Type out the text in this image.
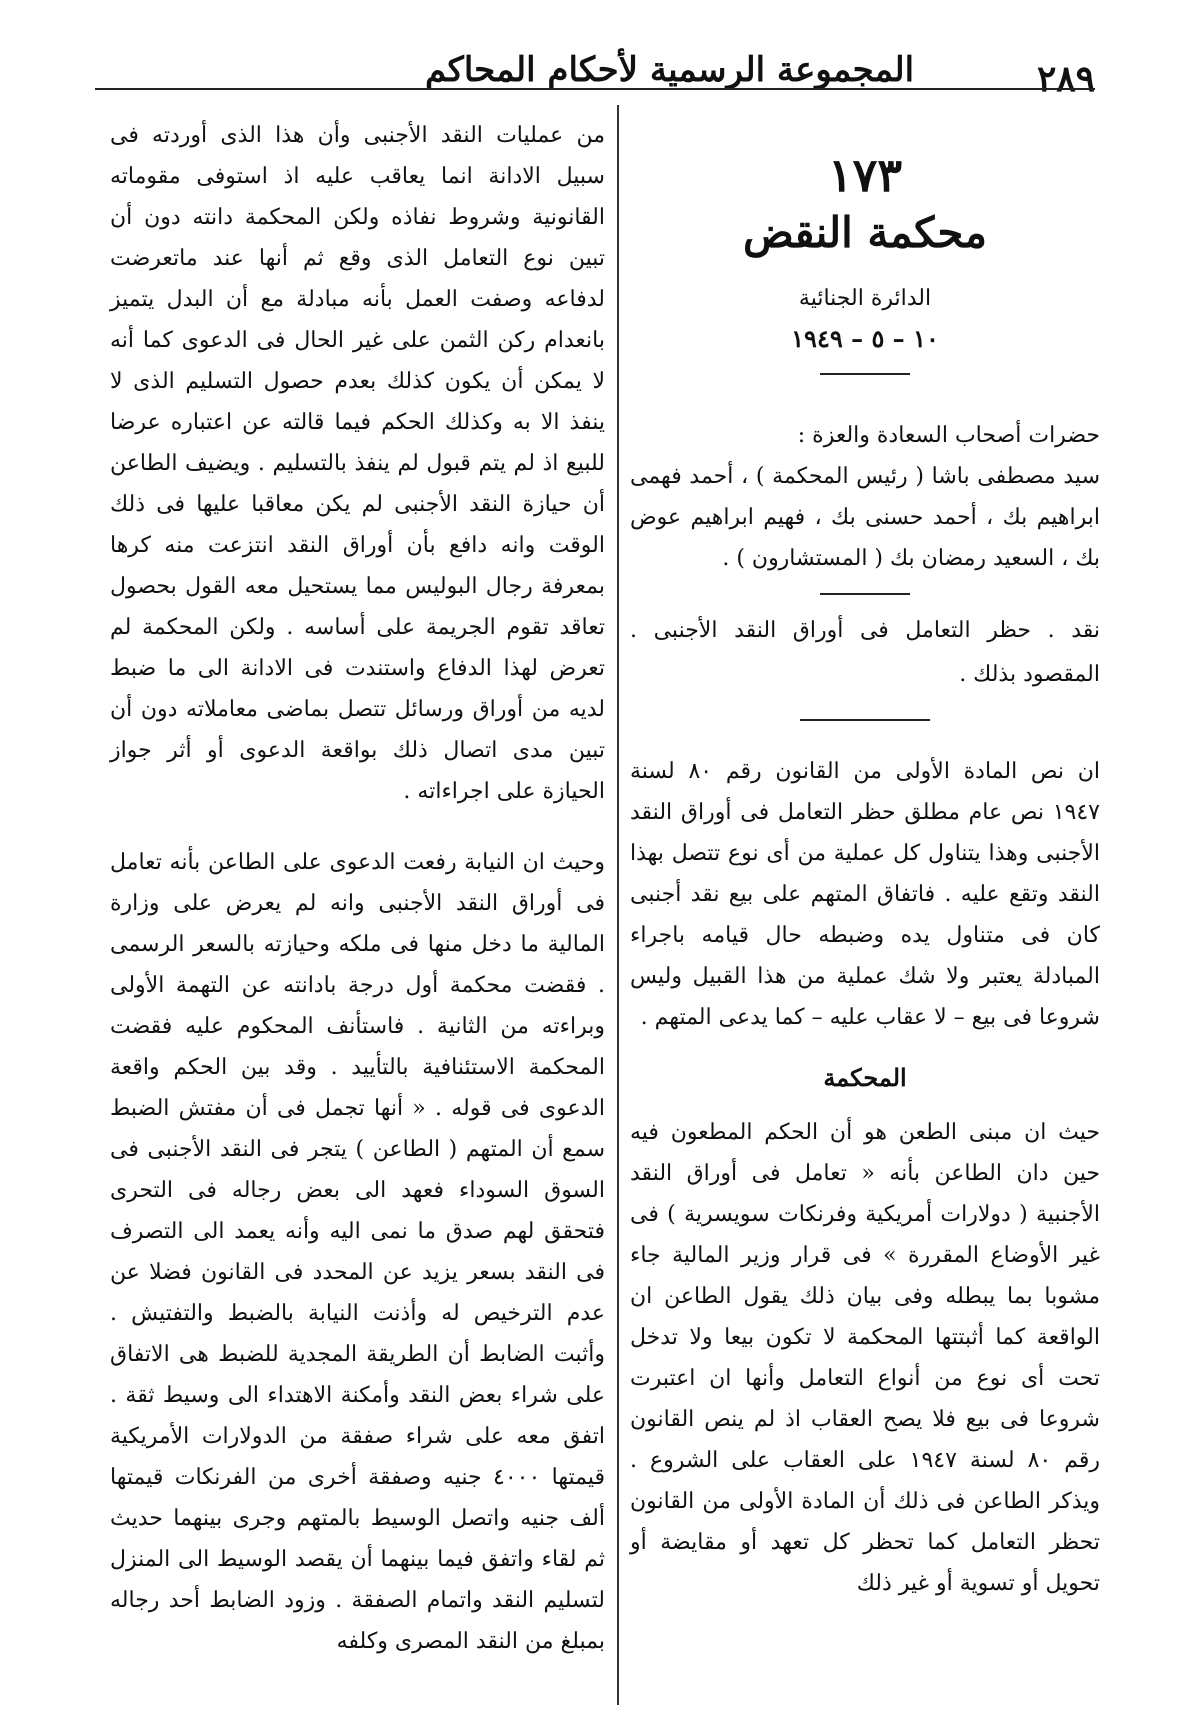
٢٨٩
المجموعة الرسمية لأحكام المحاكم
١٧٣
محكمة النقض
الدائرة الجنائية
١٠ – ٥ – ١٩٤٩

حضرات أصحاب السعادة والعزة :

سيد مصطفى باشا ( رئيس المحكمة ) ، أحمد فهمى ابراهيم بك ، أحمد حسنى بك ، فهيم ابراهيم عوض بك ، السعيد رمضان بك ( المستشارون ) .

نقد . حظر التعامل فى أوراق النقد الأجنبى . المقصود بذلك .

ان نص المادة الأولى من القانون رقم ٨٠ لسنة ١٩٤٧ نص عام مطلق حظر التعامل فى أوراق النقد الأجنبى وهذا يتناول كل عملية من أى نوع تتصل بهذا النقد وتقع عليه . فاتفاق المتهم على بيع نقد أجنبى كان فى متناول يده وضبطه حال قيامه باجراء المبادلة يعتبر ولا شك عملية من هذا القبيل وليس شروعا فى بيع – لا عقاب عليه – كما يدعى المتهم .

المحكمة

حيث ان مبنى الطعن هو أن الحكم المطعون فيه حين دان الطاعن بأنه « تعامل فى أوراق النقد الأجنبية ( دولارات أمريكية وفرنكات سويسرية ) فى غير الأوضاع المقررة » فى قرار وزير المالية جاء مشوبا بما يبطله وفى بيان ذلك يقول الطاعن ان الواقعة كما أثبتتها المحكمة لا تكون بيعا ولا تدخل تحت أى نوع من أنواع التعامل وأنها ان اعتبرت شروعا فى بيع فلا يصح العقاب اذ لم ينص القانون رقم ٨٠ لسنة ١٩٤٧ على العقاب على الشروع . ويذكر الطاعن فى ذلك أن المادة الأولى من القانون تحظر التعامل كما تحظر كل تعهد أو مقايضة أو تحويل أو تسوية أو غير ذلك

من عمليات النقد الأجنبى وأن هذا الذى أوردته فى سبيل الادانة انما يعاقب عليه اذ استوفى مقوماته القانونية وشروط نفاذه ولكن المحكمة دانته دون أن تبين نوع التعامل الذى وقع ثم أنها عند ماتعرضت لدفاعه وصفت العمل بأنه مبادلة مع أن البدل يتميز بانعدام ركن الثمن على غير الحال فى الدعوى كما أنه لا يمكن أن يكون كذلك بعدم حصول التسليم الذى لا ينفذ الا به وكذلك الحكم فيما قالته عن اعتباره عرضا للبيع اذ لم يتم قبول لم ينفذ بالتسليم . ويضيف الطاعن أن حيازة النقد الأجنبى لم يكن معاقبا عليها فى ذلك الوقت وانه دافع بأن أوراق النقد انتزعت منه كرها بمعرفة رجال البوليس مما يستحيل معه القول بحصول تعاقد تقوم الجريمة على أساسه . ولكن المحكمة لم تعرض لهذا الدفاع واستندت فى الادانة الى ما ضبط لديه من أوراق ورسائل تتصل بماضى معاملاته دون أن تبين مدى اتصال ذلك بواقعة الدعوى أو أثر جواز الحيازة على اجراءاته .

وحيث ان النيابة رفعت الدعوى على الطاعن بأنه تعامل فى أوراق النقد الأجنبى وانه لم يعرض على وزارة المالية ما دخل منها فى ملكه وحيازته بالسعر الرسمى . فقضت محكمة أول درجة بادانته عن التهمة الأولى وبراءته من الثانية . فاستأنف المحكوم عليه فقضت المحكمة الاستئنافية بالتأييد . وقد بين الحكم واقعة الدعوى فى قوله . « أنها تجمل فى أن مفتش الضبط سمع أن المتهم ( الطاعن ) يتجر فى النقد الأجنبى فى السوق السوداء فعهد الى بعض رجاله فى التحرى فتحقق لهم صدق ما نمى اليه وأنه يعمد الى التصرف فى النقد بسعر يزيد عن المحدد فى القانون فضلا عن عدم الترخيص له وأذنت النيابة بالضبط والتفتيش . وأثبت الضابط أن الطريقة المجدية للضبط هى الاتفاق على شراء بعض النقد وأمكنة الاهتداء الى وسيط ثقة . اتفق معه على شراء صفقة من الدولارات الأمريكية قيمتها ٤٠٠٠ جنيه وصفقة أخرى من الفرنكات قيمتها ألف جنيه واتصل الوسيط بالمتهم وجرى بينهما حديث ثم لقاء واتفق فيما بينهما أن يقصد الوسيط الى المنزل لتسليم النقد واتمام الصفقة . وزود الضابط أحد رجاله بمبلغ من النقد المصرى وكلفه
